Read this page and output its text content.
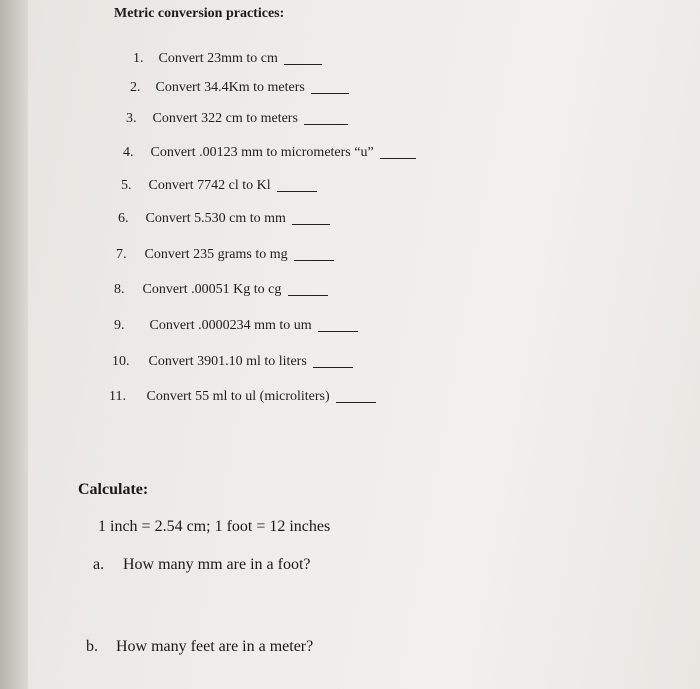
Metric conversion practices:
1. Convert 23mm to cm
2. Convert 34.4Km to meters
3. Convert 322 cm to meters
4. Convert .00123 mm to micrometers “u”
5. Convert 7742 cl to Kl
6. Convert 5.530 cm to mm
7. Convert 235 grams to mg
8. Convert .00051 Kg to cg
9. Convert .0000234 mm to um
10. Convert 3901.10 ml to liters
11. Convert 55 ml to ul (microliters)
Calculate:
1 inch = 2.54 cm; 1 foot = 12 inches
a. How many mm are in a foot?
b. How many feet are in a meter?
